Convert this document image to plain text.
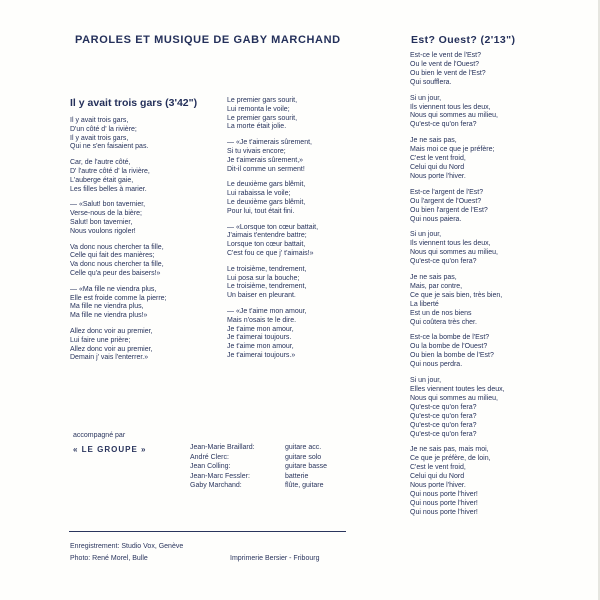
PAROLES ET MUSIQUE DE GABY MARCHAND
Il y avait trois gars (3'42")
Il y avait trois gars,
D'un côté d' la rivière;
Il y avait trois gars,
Qui ne s'en faisaient pas.
Car, de l'autre côté,
D' l'autre côté d' la rivière,
L'auberge était gaie,
Les filles belles à marier.
— «Salut! bon tavernier,
Verse-nous de la bière;
Salut! bon tavernier,
Nous voulons rigoler!
Va donc nous chercher ta fille,
Celle qui fait des manières;
Va donc nous chercher ta fille,
Celle qu'a peur des baisers!»
— «Ma fille ne viendra plus,
Elle est froide comme la pierre;
Ma fille ne viendra plus,
Ma fille ne viendra plus!»
Allez donc voir au premier,
Lui faire une prière;
Allez donc voir au premier,
Demain j' vais l'enterrer.»
Le premier gars sourit,
Lui remonta le voile;
Le premier gars sourit,
La morte était jolie.
— «Je t'aimerais sûrement,
Si tu vivais encore;
Je t'aimerais sûrement,»
Dit-il comme un serment!
Le deuxième gars blêmit,
Lui rabaissa le voile;
Le deuxième gars blêmit,
Pour lui, tout était fini.
— «Lorsque ton cœur battait,
J'aimais t'entendre battre;
Lorsque ton cœur battait,
C'est fou ce que j' t'aimais!»
Le troisième, tendrement,
Lui posa sur la bouche;
Le troisième, tendrement,
Un baiser en pleurant.
— «Je t'aime mon amour,
Mais n'osais te le dire.
Je t'aime mon amour,
Je t'aimerai toujours.
Je t'aime mon amour,
Je t'aimerai toujours.»
Est? Ouest? (2'13")
Est-ce le vent de l'Est?
Ou le vent de l'Ouest?
Ou bien le vent de l'Est?
Qui soufflera.
Si un jour,
Ils viennent tous les deux,
Nous qui sommes au milieu,
Qu'est-ce qu'on fera?
Je ne sais pas,
Mais moi ce que je préfère;
C'est le vent froid,
Celui qui du Nord
Nous porte l'hiver.
Est-ce l'argent de l'Est?
Ou l'argent de l'Ouest?
Ou bien l'argent de l'Est?
Qui nous paiera.
Si un jour,
Ils viennent tous les deux,
Nous qui sommes au milieu,
Qu'est-ce qu'on fera?
Je ne sais pas,
Mais, par contre,
Ce que je sais bien, très bien,
La liberté
Est un de nos biens
Qui coûtera très cher.
Est-ce la bombe de l'Est?
Ou la bombe de l'Ouest?
Ou bien la bombe de l'Est?
Qui nous perdra.
Si un jour,
Elles viennent toutes les deux,
Nous qui sommes au milieu,
Qu'est-ce qu'on fera?
Qu'est-ce qu'on fera?
Qu'est-ce qu'on fera?
Qu'est-ce qu'on fera?
Je ne sais pas, mais moi,
Ce que je préfère, de loin,
C'est le vent froid,
Celui qui du Nord
Nous porte l'hiver.
Qui nous porte l'hiver!
Qui nous porte l'hiver!
Qui nous porte l'hiver!
accompagné par
« LE GROUPE »	Jean-Marie Braillard:	guitare acc.
André Clerc:	guitare solo
Jean Colling:	guitare basse
Jean-Marc Fessler:	batterie
Gaby Marchand:	flûte, guitare
Enregistrement: Studio Vox, Genève
Photo: René Morel, Bulle	Imprimerie Bersier - Fribourg
